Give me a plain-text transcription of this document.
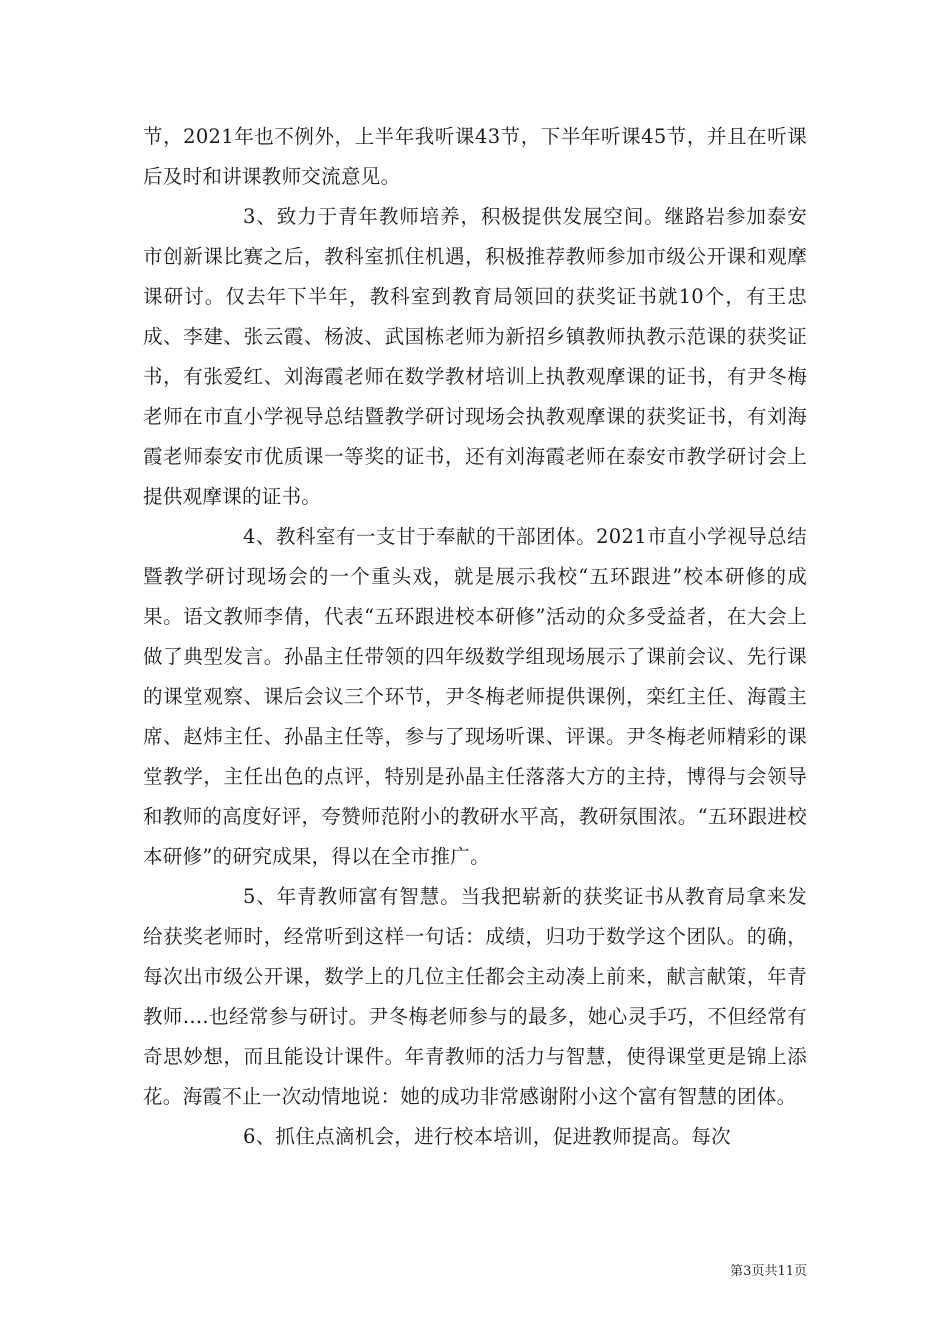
节，2021年也不例外，上半年我听课43节，下半年听课45节，并且在听课后及时和讲课教师交流意见。

3、致力于青年教师培养，积极提供发展空间。继路岩参加泰安市创新课比赛之后，教科室抓住机遇，积极推荐教师参加市级公开课和观摩课研讨。仅去年下半年，教科室到教育局领回的获奖证书就10个，有王忠成、李建、张云霞、杨波、武国栋老师为新招乡镇教师执教示范课的获奖证书，有张爱红、刘海霞老师在数学教材培训上执教观摩课的证书，有尹冬梅老师在市直小学视导总结暨教学研讨现场会执教观摩课的获奖证书，有刘海霞老师泰安市优质课一等奖的证书，还有刘海霞老师在泰安市教学研讨会上提供观摩课的证书。

4、教科室有一支甘于奉献的干部团体。2021市直小学视导总结暨教学研讨现场会的一个重头戏，就是展示我校“五环跟进”校本研修的成果。语文教师李倩，代表“五环跟进校本研修”活动的众多受益者，在大会上做了典型发言。孙晶主任带领的四年级数学组现场展示了课前会议、先行课的课堂观察、课后会议三个环节，尹冬梅老师提供课例，栾红主任、海霞主席、赵炜主任、孙晶主任等，参与了现场听课、评课。尹冬梅老师精彩的课堂教学，主任出色的点评，特别是孙晶主任落落大方的主持，博得与会领导和教师的高度好评，夸赞师范附小的教研水平高，教研氛围浓。“五环跟进校本研修”的研究成果，得以在全市推广。

5、年青教师富有智慧。当我把崭新的获奖证书从教育局拿来发给获奖老师时，经常听到这样一句话：成绩，归功于数学这个团队。的确，每次出市级公开课，数学上的几位主任都会主动凑上前来，献言献策，年青教师....也经常参与研讨。尹冬梅老师参与的最多，她心灵手巧，不但经常有奇思妙想，而且能设计课件。年青教师的活力与智慧，使得课堂更是锦上添花。海霞不止一次动情地说：她的成功非常感谢附小这个富有智慧的团体。

6、抓住点滴机会，进行校本培训，促进教师提高。每次

第3页共11页
